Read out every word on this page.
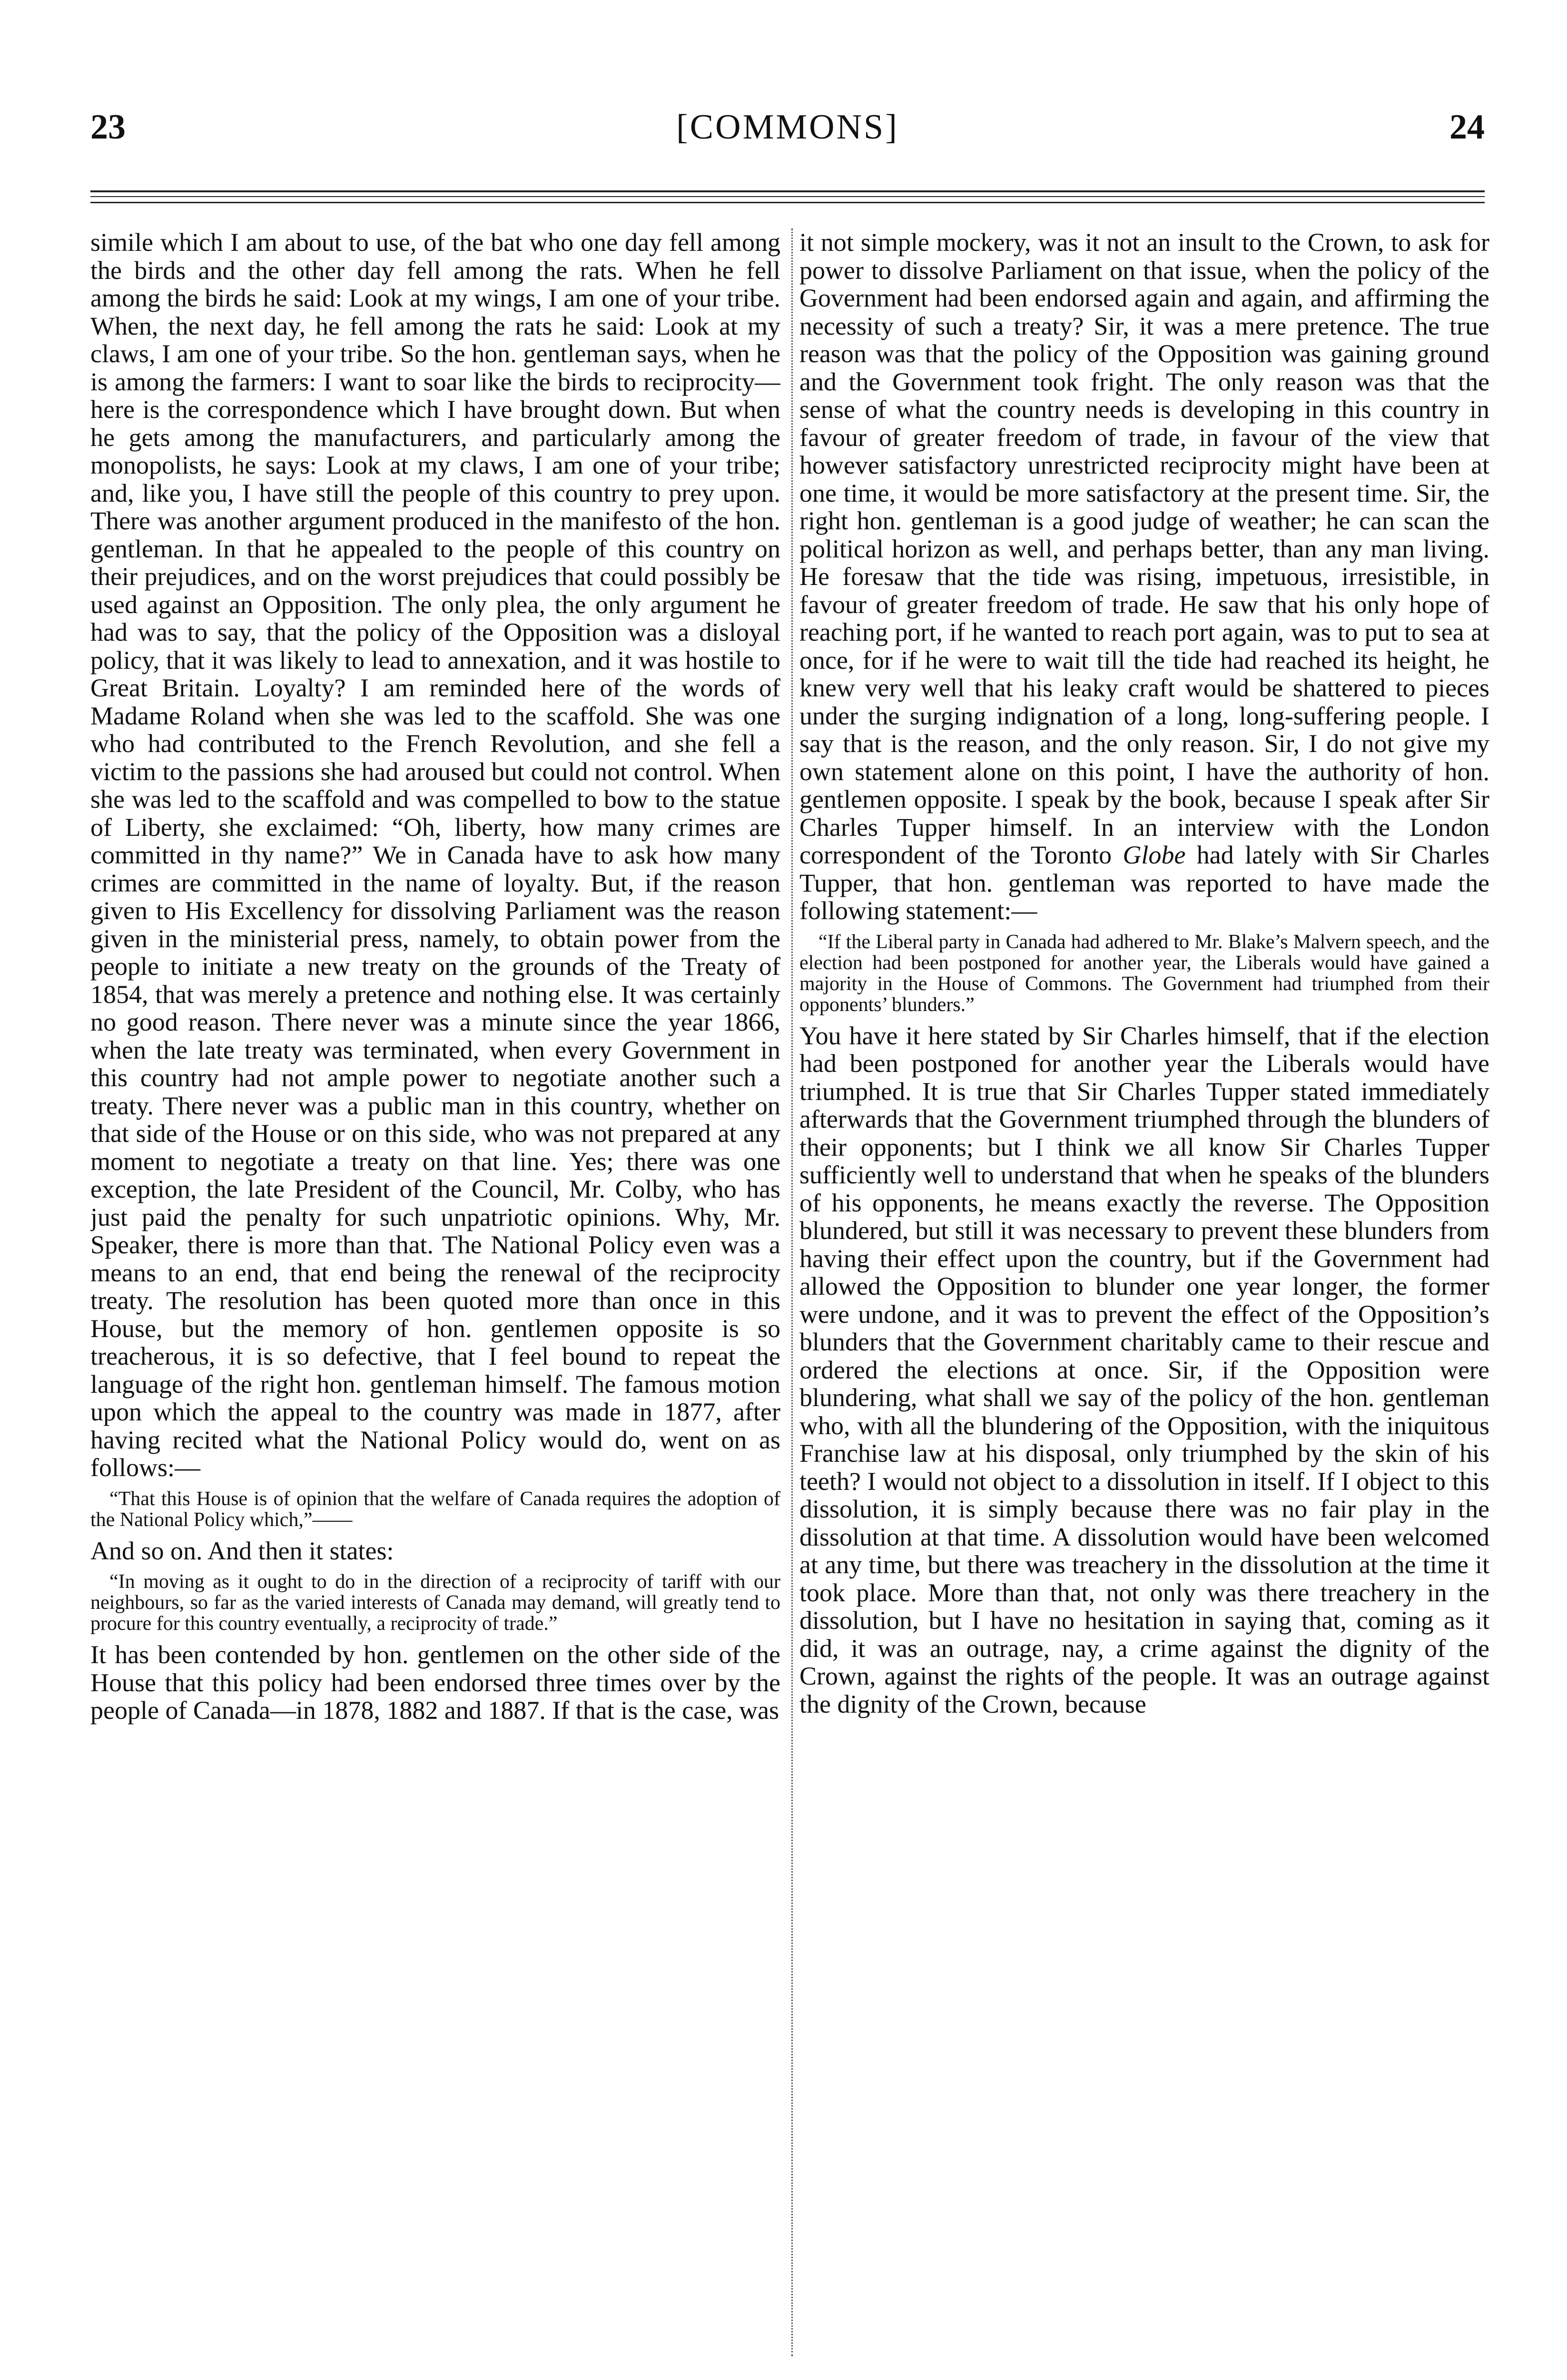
23	[COMMONS]	24

simile which I am about to use, of the bat who one day fell among the birds and the other day fell among the rats. When he fell among the birds he said: Look at my wings, I am one of your tribe. When, the next day, he fell among the rats he said: Look at my claws, I am one of your tribe. So the hon. gentleman says, when he is among the farmers: I want to soar like the birds to reciprocity—here is the correspondence which I have brought down. But when he gets among the manufacturers, and particularly among the monopolists, he says: Look at my claws, I am one of your tribe; and, like you, I have still the people of this country to prey upon. There was another argument produced in the manifesto of the hon. gentleman. In that he appealed to the people of this country on their prejudices, and on the worst prejudices that could possibly be used against an Opposition. The only plea, the only argument he had was to say, that the policy of the Opposition was a disloyal policy, that it was likely to lead to annexation, and it was hostile to Great Britain. Loyalty? I am reminded here of the words of Madame Roland when she was led to the scaffold. She was one who had contributed to the French Revolution, and she fell a victim to the passions she had aroused but could not control. When she was led to the scaffold and was compelled to bow to the statue of Liberty, she exclaimed: “Oh, liberty, how many crimes are committed in thy name?” We in Canada have to ask how many crimes are committed in the name of loyalty. But, if the reason given to His Excellency for dissolving Parliament was the reason given in the ministerial press, namely, to obtain power from the people to initiate a new treaty on the grounds of the Treaty of 1854, that was merely a pretence and nothing else. It was certainly no good reason. There never was a minute since the year 1866, when the late treaty was terminated, when every Government in this country had not ample power to negotiate another such a treaty. There never was a public man in this country, whether on that side of the House or on this side, who was not prepared at any moment to negotiate a treaty on that line. Yes; there was one exception, the late President of the Council, Mr. Colby, who has just paid the penalty for such unpatriotic opinions. Why, Mr. Speaker, there is more than that. The National Policy even was a means to an end, that end being the renewal of the reciprocity treaty. The resolution has been quoted more than once in this House, but the memory of hon. gentlemen opposite is so treacherous, it is so defective, that I feel bound to repeat the language of the right hon. gentleman himself. The famous motion upon which the appeal to the country was made in 1877, after having recited what the National Policy would do, went on as follows:—

“That this House is of opinion that the welfare of Canada requires the adoption of the National Policy which,”——

And so on. And then it states:

“In moving as it ought to do in the direction of a reciprocity of tariff with our neighbours, so far as the varied interests of Canada may demand, will greatly tend to procure for this country eventually, a reciprocity of trade.”

It has been contended by hon. gentlemen on the other side of the House that this policy had been endorsed three times over by the people of Canada—in 1878, 1882 and 1887. If that is the case, was

it not simple mockery, was it not an insult to the Crown, to ask for power to dissolve Parliament on that issue, when the policy of the Government had been endorsed again and again, and affirming the necessity of such a treaty? Sir, it was a mere pretence. The true reason was that the policy of the Opposition was gaining ground and the Government took fright. The only reason was that the sense of what the country needs is developing in this country in favour of greater freedom of trade, in favour of the view that however satisfactory unrestricted reciprocity might have been at one time, it would be more satisfactory at the present time. Sir, the right hon. gentleman is a good judge of weather; he can scan the political horizon as well, and perhaps better, than any man living. He foresaw that the tide was rising, impetuous, irresistible, in favour of greater freedom of trade. He saw that his only hope of reaching port, if he wanted to reach port again, was to put to sea at once, for if he were to wait till the tide had reached its height, he knew very well that his leaky craft would be shattered to pieces under the surging indignation of a long, long-suffering people. I say that is the reason, and the only reason. Sir, I do not give my own statement alone on this point, I have the authority of hon. gentlemen opposite. I speak by the book, because I speak after Sir Charles Tupper himself. In an interview with the London correspondent of the Toronto Globe had lately with Sir Charles Tupper, that hon. gentleman was reported to have made the following statement:—

“If the Liberal party in Canada had adhered to Mr. Blake’s Malvern speech, and the election had been postponed for another year, the Liberals would have gained a majority in the House of Commons. The Government had triumphed from their opponents’ blunders.”

You have it here stated by Sir Charles himself, that if the election had been postponed for another year the Liberals would have triumphed. It is true that Sir Charles Tupper stated immediately afterwards that the Government triumphed through the blunders of their opponents; but I think we all know Sir Charles Tupper sufficiently well to understand that when he speaks of the blunders of his opponents, he means exactly the reverse. The Opposition blundered, but still it was necessary to prevent these blunders from having their effect upon the country, but if the Government had allowed the Opposition to blunder one year longer, the former were undone, and it was to prevent the effect of the Opposition’s blunders that the Government charitably came to their rescue and ordered the elections at once. Sir, if the Opposition were blundering, what shall we say of the policy of the hon. gentleman who, with all the blundering of the Opposition, with the iniquitous Franchise law at his disposal, only triumphed by the skin of his teeth? I would not object to a dissolution in itself. If I object to this dissolution, it is simply because there was no fair play in the dissolution at that time. A dissolution would have been welcomed at any time, but there was treachery in the dissolution at the time it took place. More than that, not only was there treachery in the dissolution, but I have no hesitation in saying that, coming as it did, it was an outrage, nay, a crime against the dignity of the Crown, against the rights of the people. It was an outrage against the dignity of the Crown, because
